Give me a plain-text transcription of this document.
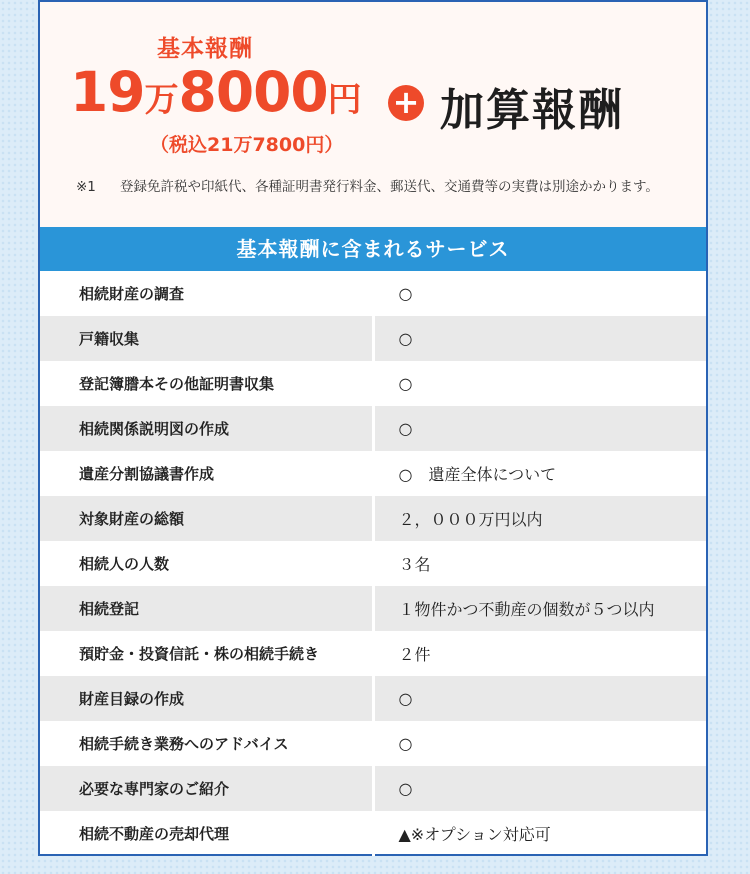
基本報酬
19万8000円 + 加算報酬
（税込21万7800円）
※1 登録免許税や印紙代、各種証明書発行料金、郵送代、交通費等の実費は別途かかります。
基本報酬に含まれるサービス
相続財産の調査	○
戸籍収集	○
登記簿謄本その他証明書収集	○
相続関係説明図の作成	○
遺産分割協議書作成	○　遺産全体について
対象財産の総額	２，０００万円以内
相続人の人数	３名
相続登記	１物件かつ不動産の個数が５つ以内
預貯金・投資信託・株の相続手続き	２件
財産目録の作成	○
相続手続き業務へのアドバイス	○
必要な専門家のご紹介	○
相続不動産の売却代理	▲※オプション対応可
